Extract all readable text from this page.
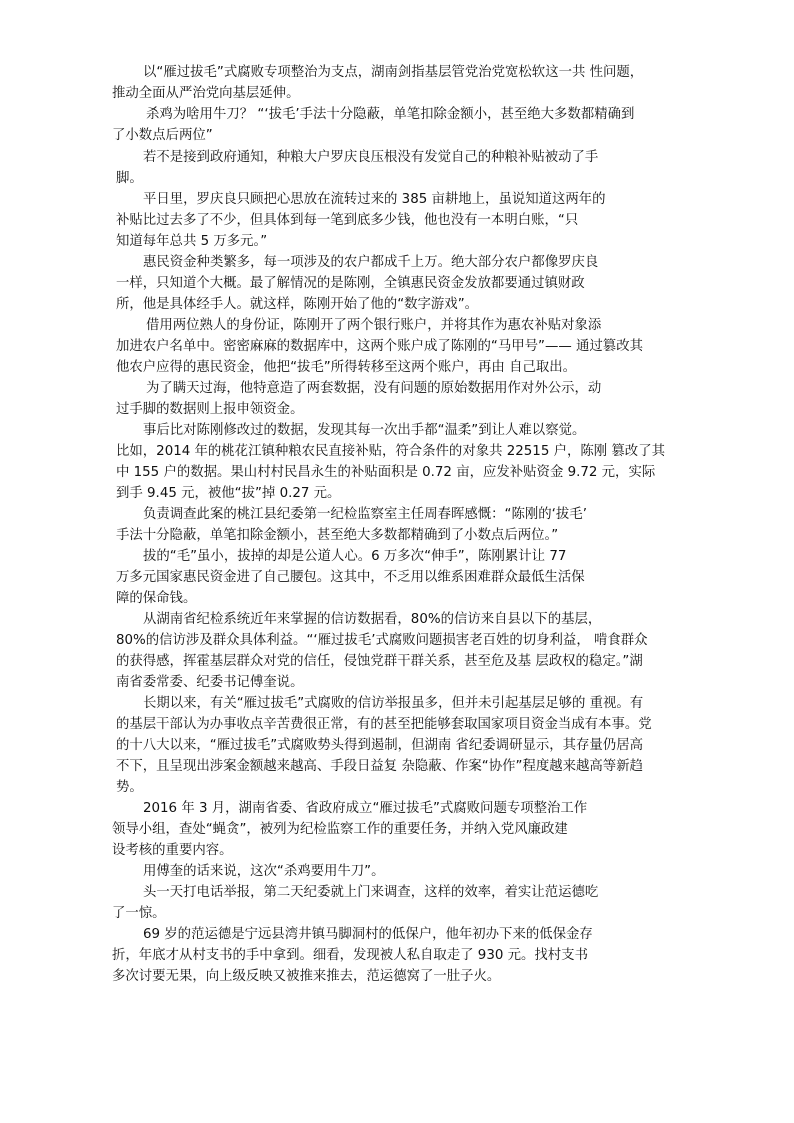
以“雁过拔毛”式腐败专项整治为支点，湖南剑指基层管党治党宽松软这一共 性问题，

推动全面从严治党向基层延伸。

杀鸡为啥用牛刀？ “‘拔毛’手法十分隐蔽，单笔扣除金额小，甚至绝大多数都精确到

了小数点后两位”

若不是接到政府通知，种粮大户罗庆良压根没有发觉自己的种粮补贴被动了手

脚。

平日里，罗庆良只顾把心思放在流转过来的 385 亩耕地上，虽说知道这两年的

补贴比过去多了不少，但具体到每一笔到底多少钱，他也没有一本明白账，“只

知道每年总共 5 万多元。”

惠民资金种类繁多，每一项涉及的农户都成千上万。绝大部分农户都像罗庆良

一样，只知道个大概。最了解情况的是陈刚，全镇惠民资金发放都要通过镇财政

所，他是具体经手人。就这样，陈刚开始了他的“数字游戏”。

借用两位熟人的身份证，陈刚开了两个银行账户，并将其作为惠农补贴对象添

加进农户名单中。密密麻麻的数据库中，这两个账户成了陈刚的“马甲号”—— 通过篡改其

他农户应得的惠民资金，他把“拔毛”所得转移至这两个账户，再由 自己取出。

为了瞒天过海，他特意造了两套数据，没有问题的原始数据用作对外公示，动

过手脚的数据则上报申领资金。

事后比对陈刚修改过的数据，发现其每一次出手都“温柔”到让人难以察觉。

比如，2014 年的桃花江镇种粮农民直接补贴，符合条件的对象共 22515 户，陈刚 篡改了其

中 155 户的数据。果山村村民昌永生的补贴面积是 0.72 亩，应发补贴资金 9.72 元，实际

到手 9.45 元，被他“拔”掉 0.27 元。

负责调查此案的桃江县纪委第一纪检监察室主任周春晖感慨：“陈刚的‘拔毛’

手法十分隐蔽，单笔扣除金额小，甚至绝大多数都精确到了小数点后两位。”

拔的“毛”虽小，拔掉的却是公道人心。6 万多次“伸手”，陈刚累计让 77

万多元国家惠民资金进了自己腰包。这其中，不乏用以维系困难群众最低生活保

障的保命钱。

从湖南省纪检系统近年来掌握的信访数据看，80%的信访来自县以下的基层，

80%的信访涉及群众具体利益。“‘雁过拔毛’式腐败问题损害老百姓的切身利益， 啃食群众

的获得感，挥霍基层群众对党的信任，侵蚀党群干群关系，甚至危及基 层政权的稳定。”湖

南省委常委、纪委书记傅奎说。

长期以来，有关“雁过拔毛”式腐败的信访举报虽多，但并未引起基层足够的 重视。有

的基层干部认为办事收点辛苦费很正常，有的甚至把能够套取国家项目资金当成有本事。党

的十八大以来，“雁过拔毛”式腐败势头得到遏制，但湖南 省纪委调研显示，其存量仍居高

不下，且呈现出涉案金额越来越高、手段日益复 杂隐蔽、作案“协作”程度越来越高等新趋

势。

2016 年 3 月，湖南省委、省政府成立“雁过拔毛”式腐败问题专项整治工作

领导小组，查处“蝇贪”，被列为纪检监察工作的重要任务，并纳入党风廉政建

设考核的重要内容。

用傅奎的话来说，这次“杀鸡要用牛刀”。

头一天打电话举报，第二天纪委就上门来调查，这样的效率，着实让范运德吃

了一惊。

69 岁的范运德是宁远县湾井镇马脚洞村的低保户，他年初办下来的低保金存

折，年底才从村支书的手中拿到。细看，发现被人私自取走了 930 元。找村支书

多次讨要无果，向上级反映又被推来推去，范运德窝了一肚子火。
